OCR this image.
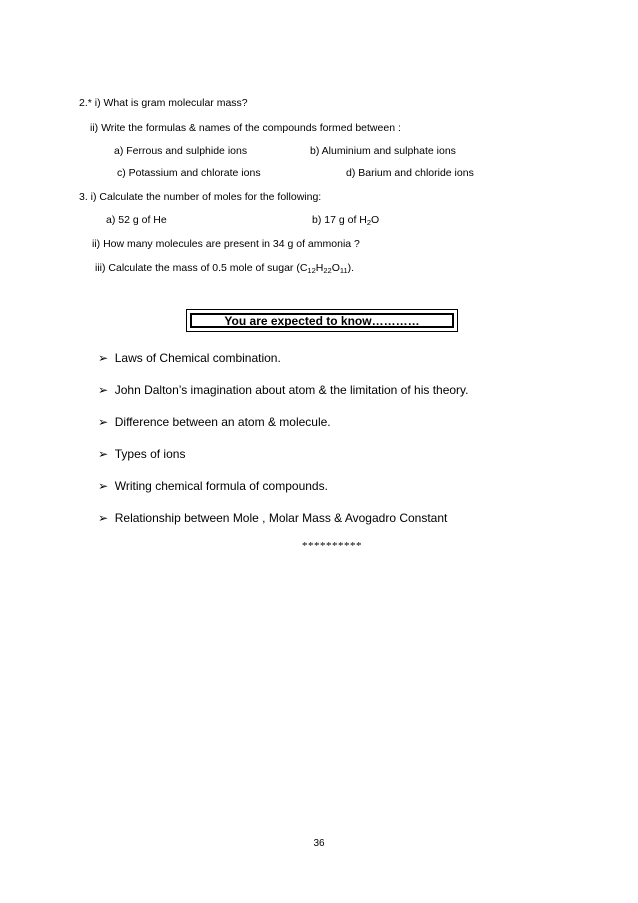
2.* i) What is gram molecular mass?
ii) Write the formulas & names of the compounds formed between :
a) Ferrous and sulphide ions	b) Aluminium and sulphate ions
c) Potassium and chlorate ions	d) Barium and chloride ions
3. i) Calculate the number of moles for the following:
a) 52 g of He	b) 17 g of $H_2O$
ii) How many molecules are present in 34 g of ammonia ?
iii) Calculate the mass of 0.5 mole of sugar $(C_{12}H_{22}O_{11})$.
You are expected to know…………
➢ Laws of Chemical combination.
➢ John Dalton’s imagination about atom & the limitation of his theory.
➢ Difference between an atom & molecule.
➢ Types of ions
➢ Writing chemical formula of compounds.
➢ Relationship between Mole , Molar Mass & Avogadro Constant
**********
36
